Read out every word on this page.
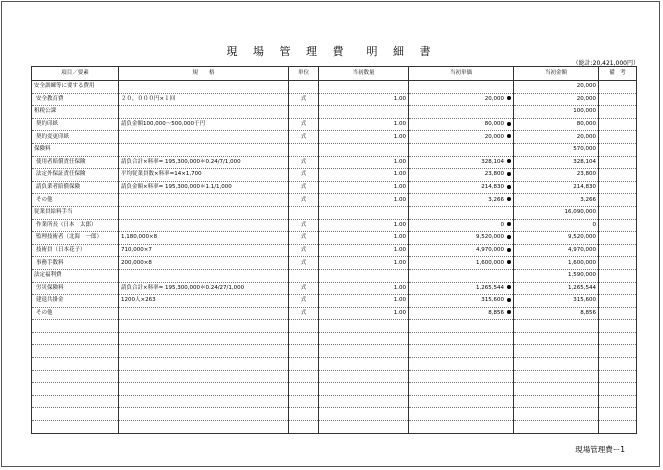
現 場 管 理 費　明 細 書
（総計:20,421,000円）
項目／要素	規　　格	単位	当初数量	当初単価	当初金額	備　考
安全訓練等に要する費用					20,000	
安全教育費	２０，０００円×１回	式	1.00	20,000	20,000	
租税公課					100,000	
契約印紙	請負金額100,000～500,000千円	式	1.00	80,000	80,000	
契約変更印紙		式	1.00	20,000	20,000	
保険料					570,000	
使用者賠償責任保険	請負合計×料率= 195,300,000＊0.24/7/1,000	式	1.00	328,104	328,104	
法定外保証責任保険	平均従業員数×料率=14×1,700	式	1.00	23,800	23,800	
請負業者賠償保険	請負金額×料率= 195,300,000＊1.1/1,000	式	1.00	214,830	214,830	
その他		式	1.00	3,266	3,266	
従業員給料手当					16,090,000	
作業所長（日本　太郎）		式	1.00	0	0	
監理技術者（北海　一郎）	1,180,000×8	式	1.00	9,520,000	9,520,000	
技術員（日本花子）	710,000×7	式	1.00	4,970,000	4,970,000	
事務手数料	200,000×8	式	1.00	1,600,000	1,600,000	
法定福利費					1,590,000	
労災保険料	請負合計×料率= 195,300,000＊0.24/27/1,000	式	1.00	1,265,544	1,265,544	
建退共掛金	1200人×263	式	1.00	315,600	315,600	
その他		式	1.00	8,856	8,856	

現場管理費ー1
